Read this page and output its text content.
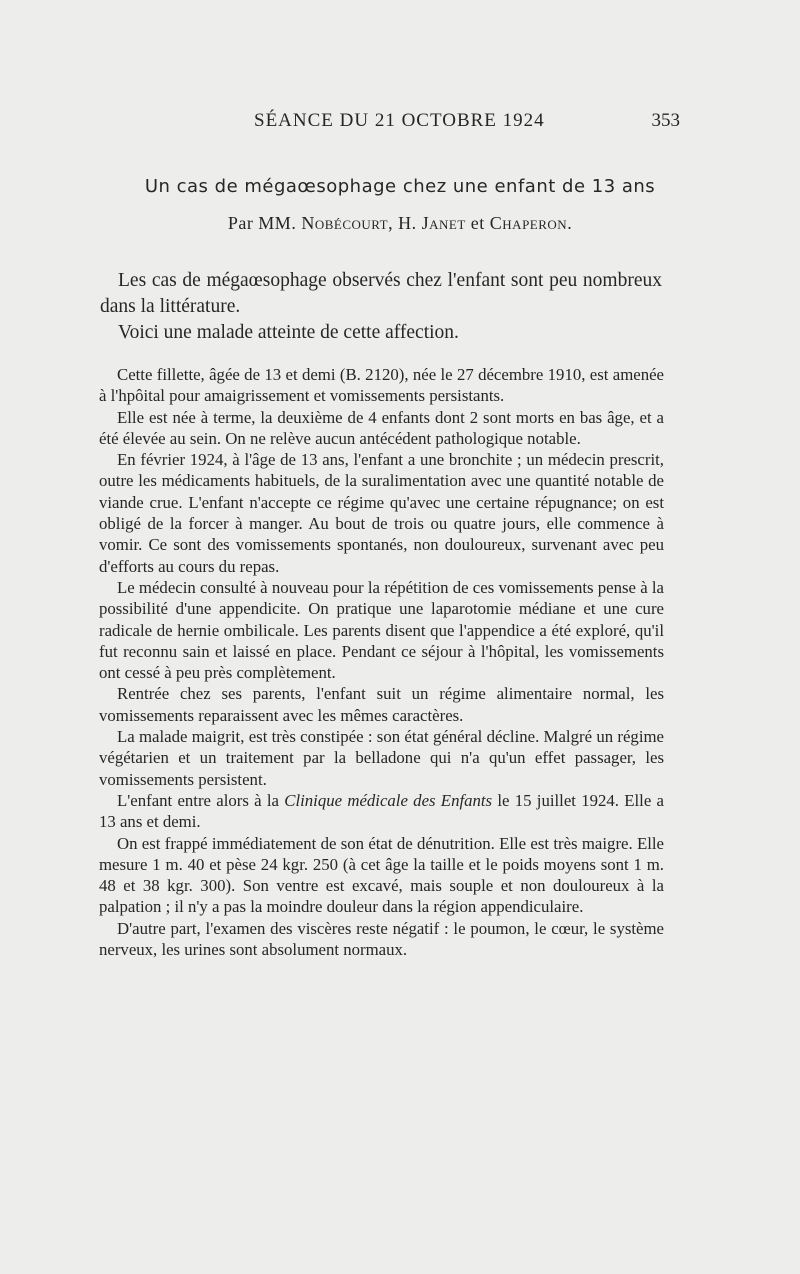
SÉANCE DU 21 OCTOBRE 1924	353
Un cas de mégaœsophage chez une enfant de 13 ans
Par MM. Nobécourt, H. Janet et Chaperon.

Les cas de mégaœsophage observés chez l'enfant sont peu nombreux dans la littérature.

Voici une malade atteinte de cette affection.

Cette fillette, âgée de 13 et demi (B. 2120), née le 27 décembre 1910, est amenée à l'hpôital pour amaigrissement et vomissements persistants.

Elle est née à terme, la deuxième de 4 enfants dont 2 sont morts en bas âge, et a été élevée au sein. On ne relève aucun antécédent pathologique notable.

En février 1924, à l'âge de 13 ans, l'enfant a une bronchite ; un médecin prescrit, outre les médicaments habituels, de la suralimentation avec une quantité notable de viande crue. L'enfant n'accepte ce régime qu'avec une certaine répugnance; on est obligé de la forcer à manger. Au bout de trois ou quatre jours, elle commence à vomir. Ce sont des vomissements spontanés, non douloureux, survenant avec peu d'efforts au cours du repas.

Le médecin consulté à nouveau pour la répétition de ces vomissements pense à la possibilité d'une appendicite. On pratique une laparotomie médiane et une cure radicale de hernie ombilicale. Les parents disent que l'appendice a été exploré, qu'il fut reconnu sain et laissé en place. Pendant ce séjour à l'hôpital, les vomissements ont cessé à peu près complètement.

Rentrée chez ses parents, l'enfant suit un régime alimentaire normal, les vomissements reparaissent avec les mêmes caractères.

La malade maigrit, est très constipée : son état général décline. Malgré un régime végétarien et un traitement par la belladone qui n'a qu'un effet passager, les vomissements persistent.

L'enfant entre alors à la Clinique médicale des Enfants le 15 juillet 1924. Elle a 13 ans et demi.

On est frappé immédiatement de son état de dénutrition. Elle est très maigre. Elle mesure 1 m. 40 et pèse 24 kgr. 250 (à cet âge la taille et le poids moyens sont 1 m. 48 et 38 kgr. 300). Son ventre est excavé, mais souple et non douloureux à la palpation ; il n'y a pas la moindre douleur dans la région appendiculaire.

D'autre part, l'examen des viscères reste négatif : le poumon, le cœur, le système nerveux, les urines sont absolument normaux.
